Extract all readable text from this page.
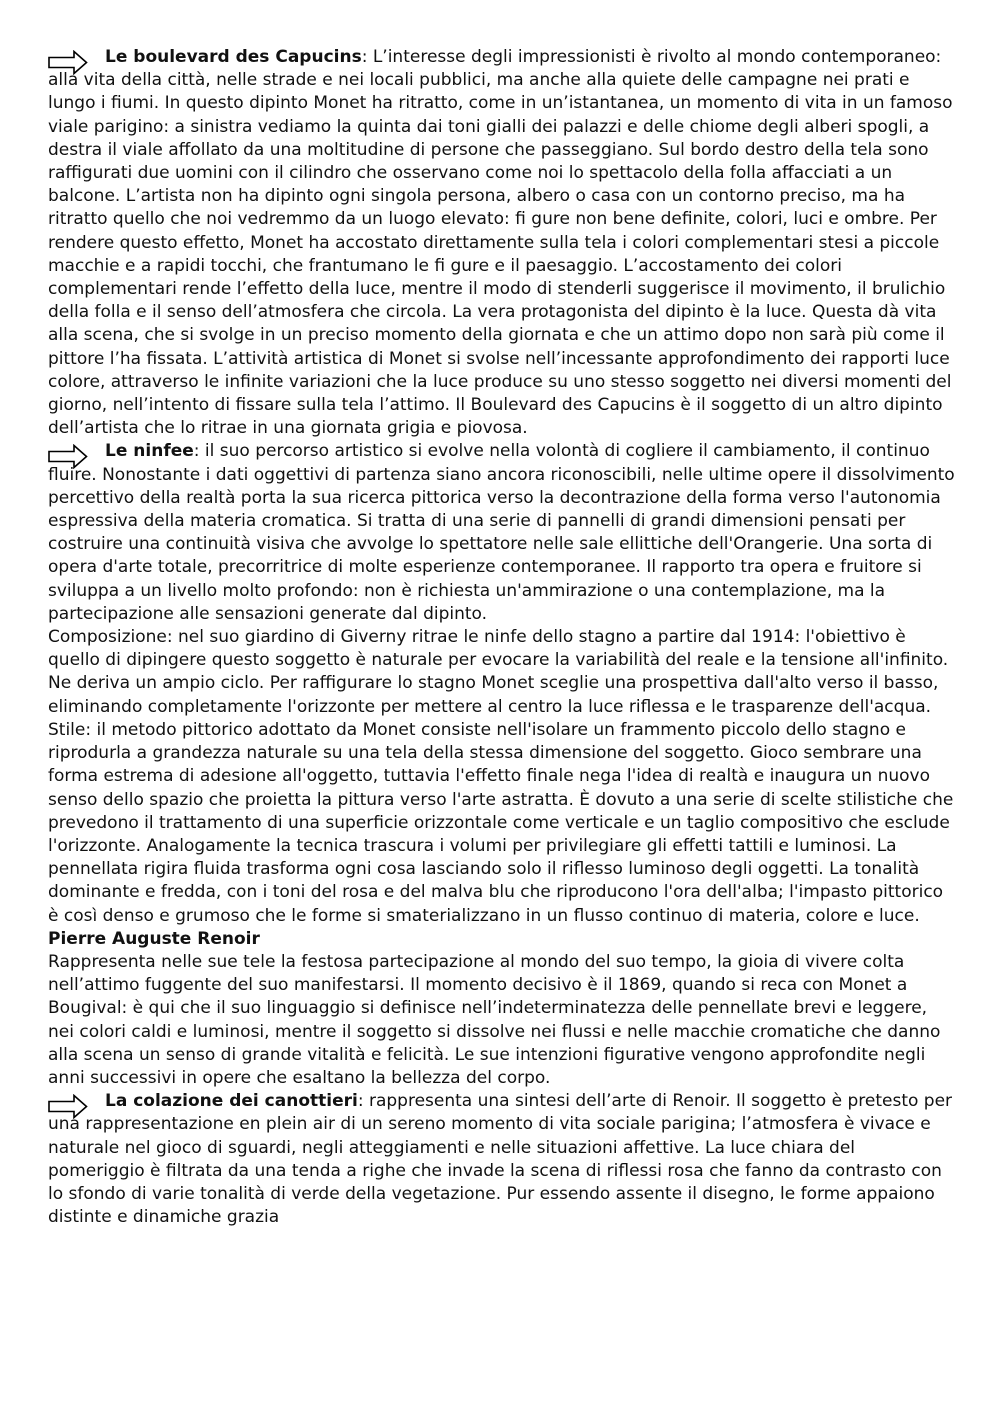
Le boulevard des Capucins: L’interesse degli impressionisti è rivolto al mondo contemporaneo: alla vita della città, nelle strade e nei locali pubblici, ma anche alla quiete delle campagne nei prati e lungo i fiumi. In questo dipinto Monet ha ritratto, come in un’istantanea, un momento di vita in un famoso viale parigino: a sinistra vediamo la quinta dai toni gialli dei palazzi e delle chiome degli alberi spogli, a destra il viale affollato da una moltitudine di persone che passeggiano. Sul bordo destro della tela sono raffigurati due uomini con il cilindro che osservano come noi lo spettacolo della folla affacciati a un balcone. L’artista non ha dipinto ogni singola persona, albero o casa con un contorno preciso, ma ha ritratto quello che noi vedremmo da un luogo elevato: fi gure non bene definite, colori, luci e ombre. Per rendere questo effetto, Monet ha accostato direttamente sulla tela i colori complementari stesi a piccole macchie e a rapidi tocchi, che frantumano le fi gure e il paesaggio. L’accostamento dei colori complementari rende l’effetto della luce, mentre il modo di stenderli suggerisce il movimento, il brulichio della folla e il senso dell’atmosfera che circola. La vera protagonista del dipinto è la luce. Questa dà vita alla scena, che si svolge in un preciso momento della giornata e che un attimo dopo non sarà più come il pittore l’ha fissata. L’attività artistica di Monet si svolse nell’incessante approfondimento dei rapporti luce colore, attraverso le infinite variazioni che la luce produce su uno stesso soggetto nei diversi momenti del giorno, nell’intento di fissare sulla tela l’attimo. Il Boulevard des Capucins è il soggetto di un altro dipinto dell’artista che lo ritrae in una giornata grigia e piovosa.
Le ninfee: il suo percorso artistico si evolve nella volontà di cogliere il cambiamento, il continuo fluire. Nonostante i dati oggettivi di partenza siano ancora riconoscibili, nelle ultime opere il dissolvimento percettivo della realtà porta la sua ricerca pittorica verso la decontrazione della forma verso l'autonomia espressiva della materia cromatica. Si tratta di una serie di pannelli di grandi dimensioni pensati per costruire una continuità visiva che avvolge lo spettatore nelle sale ellittiche dell'Orangerie. Una sorta di opera d'arte totale, precorritrice di molte esperienze contemporanee. Il rapporto tra opera e fruitore si sviluppa a un livello molto profondo: non è richiesta un'ammirazione o una contemplazione, ma la partecipazione alle sensazioni generate dal dipinto.

Composizione: nel suo giardino di Giverny ritrae le ninfe dello stagno a partire dal 1914: l'obiettivo è quello di dipingere questo soggetto è naturale per evocare la variabilità del reale e la tensione all'infinito. Ne deriva un ampio ciclo. Per raffigurare lo stagno Monet sceglie una prospettiva dall'alto verso il basso, eliminando completamente l'orizzonte per mettere al centro la luce riflessa e le trasparenze dell'acqua.

Stile: il metodo pittorico adottato da Monet consiste nell'isolare un frammento piccolo dello stagno e riprodurla a grandezza naturale su una tela della stessa dimensione del soggetto. Gioco sembrare una forma estrema di adesione all'oggetto, tuttavia l'effetto finale nega l'idea di realtà e inaugura un nuovo senso dello spazio che proietta la pittura verso l'arte astratta. È dovuto a una serie di scelte stilistiche che prevedono il trattamento di una superficie orizzontale come verticale e un taglio compositivo che esclude l'orizzonte. Analogamente la tecnica trascura i volumi per privilegiare gli effetti tattili e luminosi. La pennellata rigira fluida trasforma ogni cosa lasciando solo il riflesso luminoso degli oggetti. La tonalità dominante e fredda, con i toni del rosa e del malva blu che riproducono l'ora dell'alba; l'impasto pittorico è così denso e grumoso che le forme si smaterializzano in un flusso continuo di materia, colore e luce.

Pierre Auguste Renoir

Rappresenta nelle sue tele la festosa partecipazione al mondo del suo tempo, la gioia di vivere colta nell’attimo fuggente del suo manifestarsi. Il momento decisivo è il 1869, quando si reca con Monet a Bougival: è qui che il suo linguaggio si definisce nell’indeterminatezza delle pennellate brevi e leggere, nei colori caldi e luminosi, mentre il soggetto si dissolve nei flussi e nelle macchie cromatiche che danno alla scena un senso di grande vitalità e felicità. Le sue intenzioni figurative vengono approfondite negli anni successivi in opere che esaltano la bellezza del corpo.

La colazione dei canottieri: rappresenta una sintesi dell’arte di Renoir. Il soggetto è pretesto per una rappresentazione en plein air di un sereno momento di vita sociale parigina; l’atmosfera è vivace e naturale nel gioco di sguardi, negli atteggiamenti e nelle situazioni affettive. La luce chiara del pomeriggio è filtrata da una tenda a righe che invade la scena di riflessi rosa che fanno da contrasto con lo sfondo di varie tonalità di verde della vegetazione. Pur essendo assente il disegno, le forme appaiono distinte e dinamiche grazia
